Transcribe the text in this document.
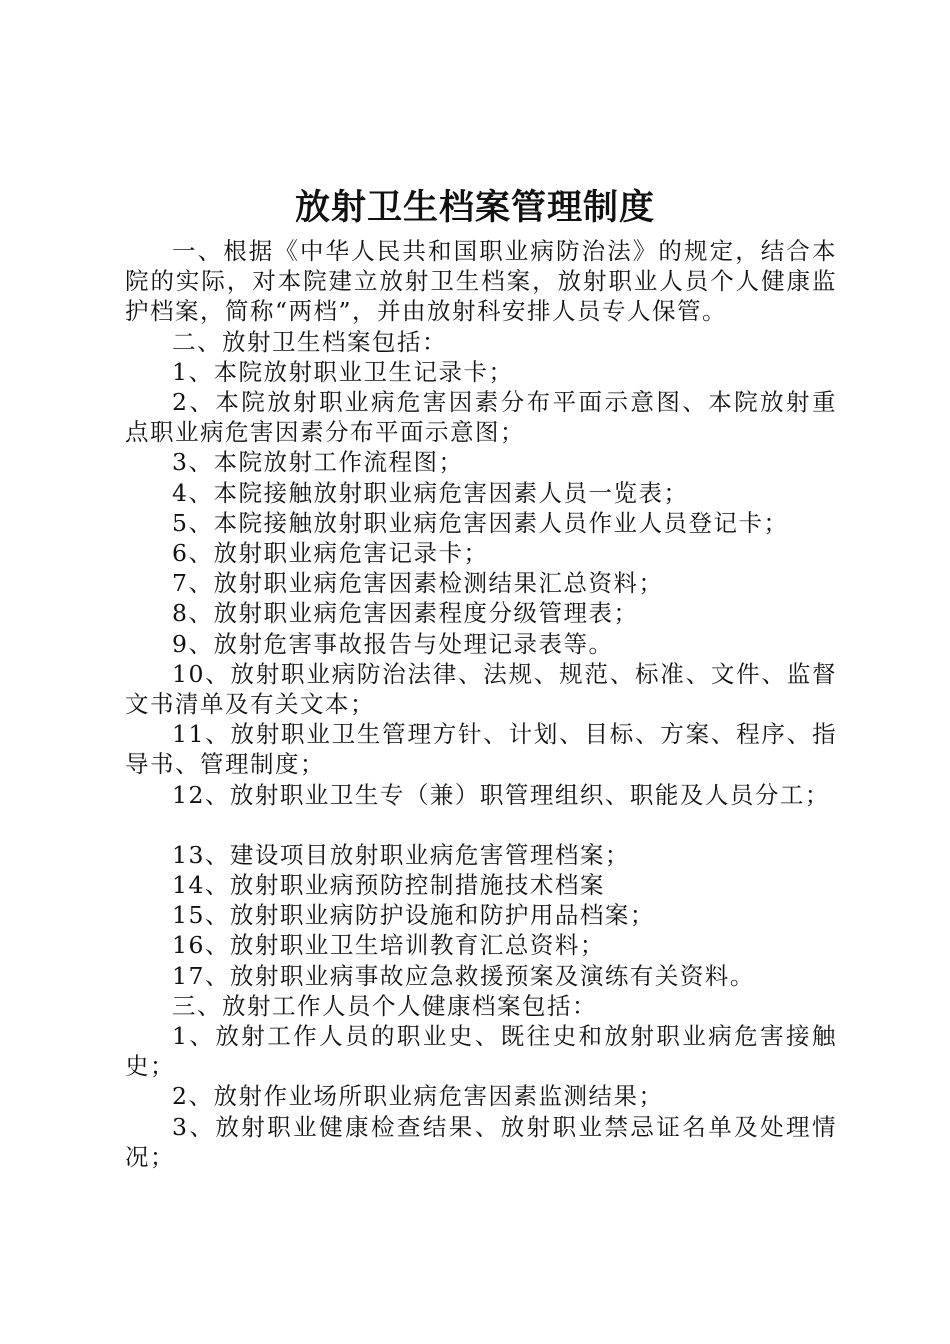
放射卫生档案管理制度

一、根据《中华人民共和国职业病防治法》的规定，结合本院的实际，对本院建立放射卫生档案，放射职业人员个人健康监护档案，简称“两档”，并由放射科安排人员专人保管。

二、放射卫生档案包括：

1、本院放射职业卫生记录卡；

2、本院放射职业病危害因素分布平面示意图、本院放射重点职业病危害因素分布平面示意图；

3、本院放射工作流程图；

4、本院接触放射职业病危害因素人员一览表；

5、本院接触放射职业病危害因素人员作业人员登记卡；

6、放射职业病危害记录卡；

7、放射职业病危害因素检测结果汇总资料；

8、放射职业病危害因素程度分级管理表；

9、放射危害事故报告与处理记录表等。

10、放射职业病防治法律、法规、规范、标准、文件、监督文书清单及有关文本；

11、放射职业卫生管理方针、计划、目标、方案、程序、指导书、管理制度；

12、放射职业卫生专（兼）职管理组织、职能及人员分工；

13、建设项目放射职业病危害管理档案；

14、放射职业病预防控制措施技术档案

15、放射职业病防护设施和防护用品档案；

16、放射职业卫生培训教育汇总资料；

17、放射职业病事故应急救援预案及演练有关资料。

三、放射工作人员个人健康档案包括：

1、放射工作人员的职业史、既往史和放射职业病危害接触史；

2、放射作业场所职业病危害因素监测结果；

3、放射职业健康检查结果、放射职业禁忌证名单及处理情况；
